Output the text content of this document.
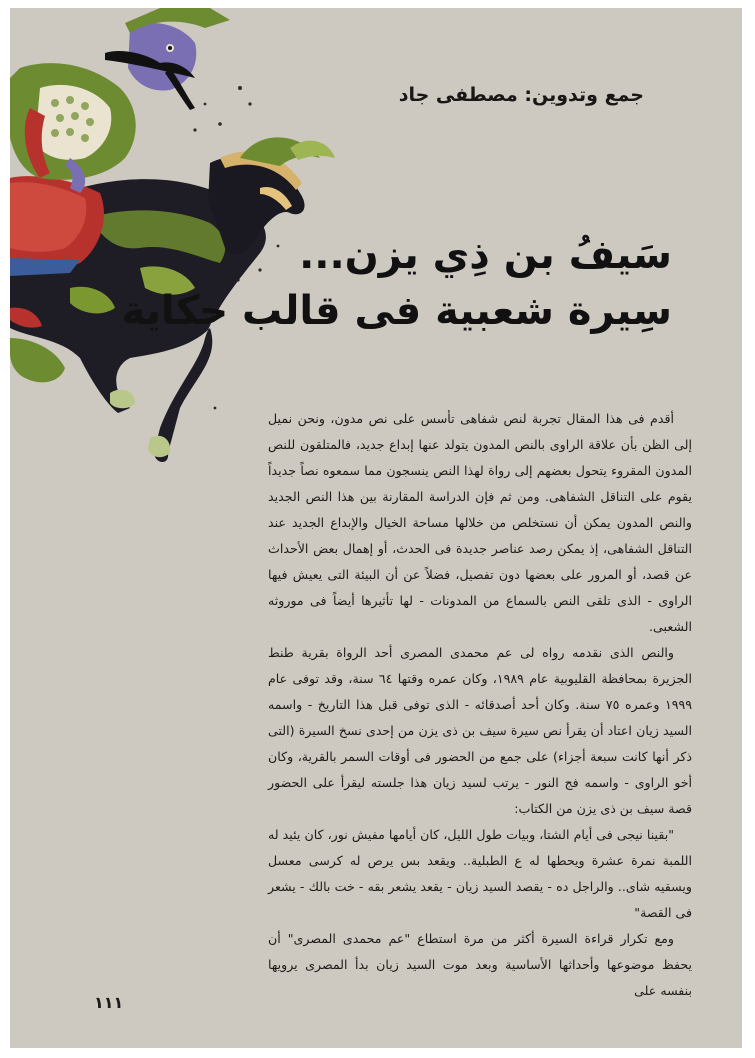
جمع وتدوين: مصطفى جاد
سَيفُ بن ذِي يزن...
سِيرة شعبية فى قالب حكاية

أقدم فى هذا المقال تجربة لنص شفاهى تأسس على نص مدون، ونحن نميل إلى الظن بأن علاقة الراوى بالنص المدون يتولد عنها إبداع جديد، فالمتلقون للنص المدون المقروء يتحول بعضهم إلى رواة لهذا النص ينسجون مما سمعوه نصاً جديداً يقوم على التناقل الشفاهى. ومن ثم فإن الدراسة المقارنة بين هذا النص الجديد والنص المدون يمكن أن نستخلص من خلالها مساحة الخيال والإبداع الجديد عند التناقل الشفاهى، إذ يمكن رصد عناصر جديدة فى الحدث، أو إهمال بعض الأحداث عن قصد، أو المرور على بعضها دون تفصيل، فضلاً عن أن البيئة التى يعيش فيها الراوى - الذى تلقى النص بالسماع من المدونات - لها تأثيرها أيضاً فى موروثه الشعبى.

والنص الذى نقدمه رواه لى عم محمدى المصرى أحد الرواة بقرية طنط الجزيرة بمحافظة القليوبية عام ١٩٨٩، وكان عمره وقتها ٦٤ سنة، وقد توفى عام ١٩٩٩ وعمره ٧٥ سنة. وكان أحد أصدقائه - الذى توفى قبل هذا التاريخ - واسمه السيد زيان اعتاد أن يقرأ نص سيرة سيف بن ذى يزن من إحدى نسخ السيرة (التى ذكر أنها كانت سبعة أجزاء) على جمع من الحضور فى أوقات السمر بالقرية، وكان أخو الراوى - واسمه فج النور - يرتب لسيد زيان هذا جلسته ليقرأ على الحضور قصة سيف بن ذى يزن من الكتاب:

"بقينا نيجى فى أيام الشتا، وبيات طول الليل، كان أيامها مفيش نور، كان يئيد له اللمبة نمرة عشرة ويحطها له ع الطبلية.. ويقعد بس يرص له كرسى معسل ويسقيه شاى.. والراجل ده - يقصد السيد زيان - يقعد يشعر بقه - خت بالك - يشعر فى القصة"

ومع تكرار قراءة السيرة أكثر من مرة استطاع "عم محمدى المصرى" أن يحفظ موضوعها وأحداثها الأساسية وبعد موت السيد زيان بدأ المصرى يرويها بنفسه على

١١١
